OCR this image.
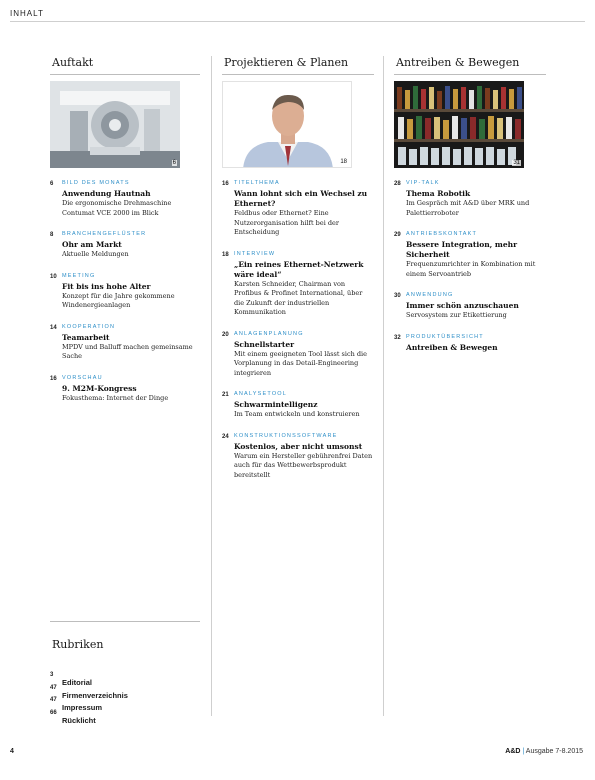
INHALT
Auftakt
6
6 BILD DES MONATS
Anwendung Hautnah
Die ergonomische Drehmaschine Contumat VCE 2000 im Blick
8 BRANCHENGEFLÜSTER
Ohr am Markt
Aktuelle Meldungen
10 MEETING
Fit bis ins hohe Alter
Konzept für die Jahre gekommene Windenergieanlagen
14 KOOPERATION
Teamarbeit
MPDV und Balluff machen gemeinsame Sache
16 VORSCHAU
9. M2M-Kongress
Fokusthema: Internet der Dinge
Projektieren & Planen
18
16 TITELTHEMA
Wann lohnt sich ein Wechsel zu Ethernet?
Feldbus oder Ethernet? Eine Nutzerorganisation hilft bei der Entscheidung
18 INTERVIEW
„Ein reines Ethernet-Netzwerk wäre ideal“
Karsten Schneider, Chairman von Profibus & Profinet International, über die Zukunft der industriellen Kommunikation
20 ANLAGENPLANUNG
Schnellstarter
Mit einem geeigneten Tool lässt sich die Vorplanung in das Detail-Engineering integrieren
21 ANALYSETOOL
Schwarmintelligenz
Im Team entwickeln und konstruieren
24 KONSTRUKTIONSSOFTWARE
Kostenlos, aber nicht umsonst
Warum ein Hersteller gebührenfrei Daten auch für das Wettbewerbsprodukt bereitstellt
Antreiben & Bewegen
31
28 VIP-TALK
Thema Robotik
Im Gespräch mit A&D über MRK und Palettierroboter
29 ANTRIEBSKONTAKT
Bessere Integration, mehr Sicherheit
Frequenzumrichter in Kombination mit einem Servoantrieb
30 ANWENDUNG
Immer schön anzuschauen
Servosystem zur Etikettierung
32 PRODUKTÜBERSICHT
Antreiben & Bewegen
Rubriken
3
Editorial
47
Firmenverzeichnis
47
Impressum
66
Rücklicht
4	A&D | Ausgabe 7-8.2015
